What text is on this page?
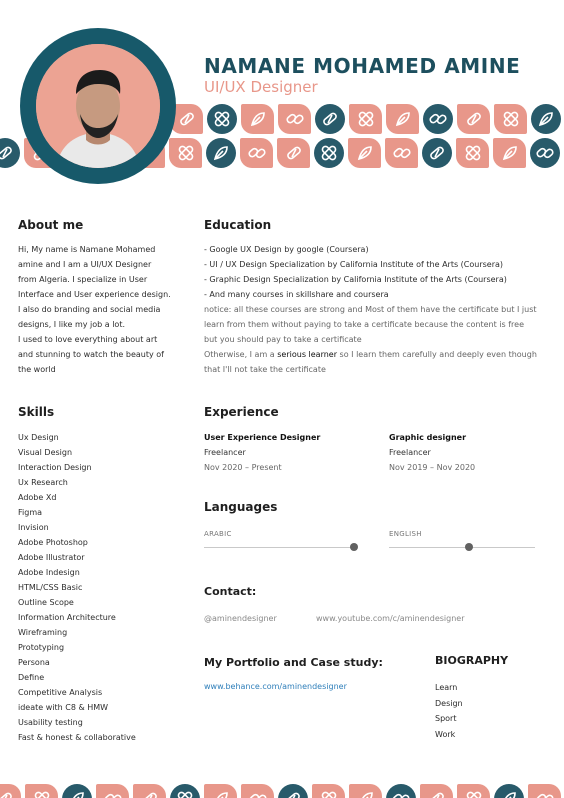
NAMANE MOHAMED AMINE
UI/UX Designer
About me
Hi, My name is Namane Mohamed
amine and I am a UI/UX Designer
from Algeria. I specialize in User
Interface and User experience design.
I also do branding and social media
designs, I like my job a lot.
I used to love everything about art
and stunning to watch the beauty of
the world
Education
- Google UX Design by google (Coursera)
- UI / UX Design Specialization by California Institute of the Arts (Coursera)
- Graphic Design Specialization by California Institute of the Arts (Coursera)
- And many courses in skillshare and coursera
notice: all these courses are strong and Most of them have the certificate but I just
learn from them without paying to take a certificate because the content is free
but you should pay to take a certificate
Otherwise, I am a serious learner so I learn them carefully and deeply even though
that I'll not take the certificate
Skills
Ux Design
Visual Design
Interaction Design
Ux Research
Adobe Xd
Figma
Invision
Adobe Photoshop
Adobe Illustrator
Adobe Indesign
HTML/CSS Basic
Outline Scope
Information Architecture
Wireframing
Prototyping
Persona
Define
Competitive Analysis
ideate with C8 & HMW
Usability testing
Fast & honest & collaborative
Experience
User Experience Designer
Freelancer
Nov 2020 – Present
Graphic designer
Freelancer
Nov 2019 – Nov 2020
Languages
ARABIC	ENGLISH
Contact:
@aminendesigner	www.youtube.com/c/aminendesigner
My Portfolio and Case study:
www.behance.com/aminendesigner
BIOGRAPHY
Learn
Design
Sport
Work
